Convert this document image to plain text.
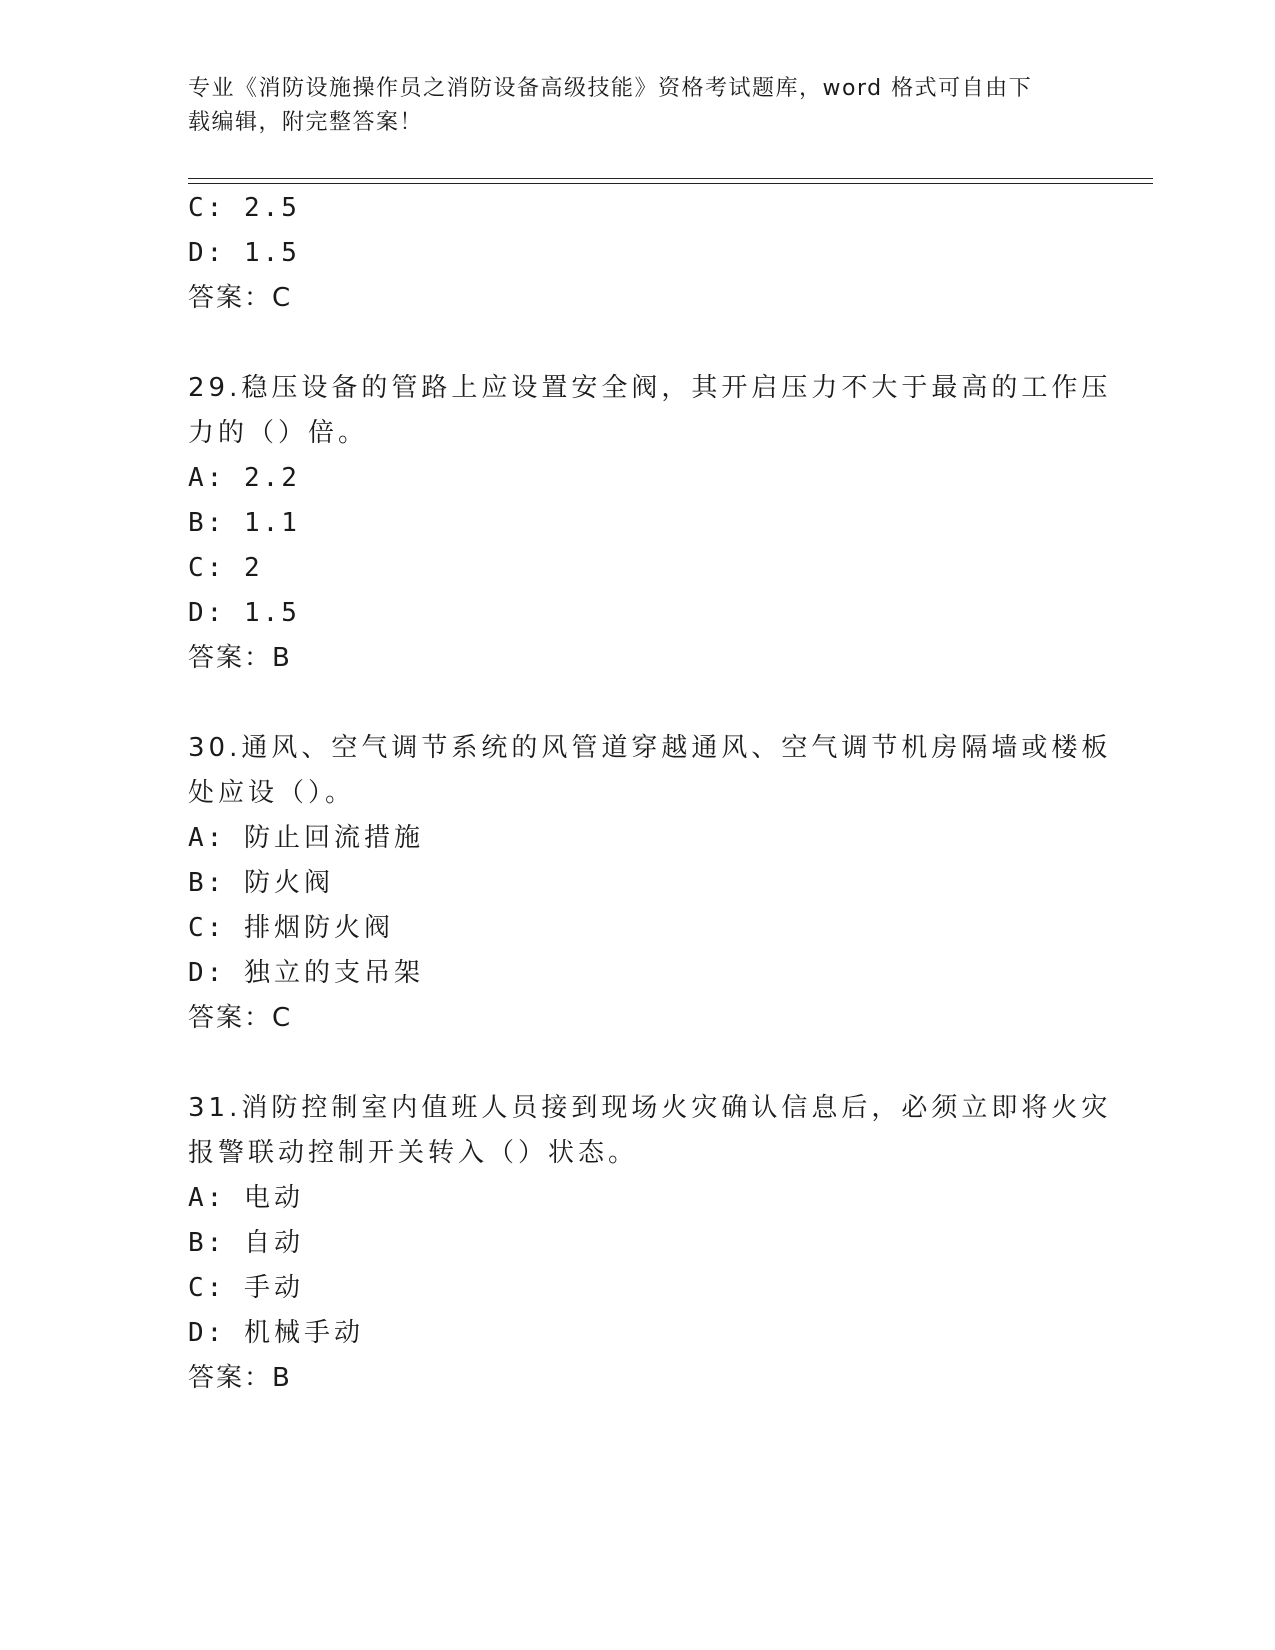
专业《消防设施操作员之消防设备高级技能》资格考试题库，word 格式可自由下
载编辑，附完整答案！
C: 2.5
D: 1.5
答案：C
29.稳压设备的管路上应设置安全阀，其开启压力不大于最高的工作压
力的（）倍。
A: 2.2
B: 1.1
C: 2
D: 1.5
答案：B
30.通风、空气调节系统的风管道穿越通风、空气调节机房隔墙或楼板
处应设（）。
A: 防止回流措施
B: 防火阀
C: 排烟防火阀
D: 独立的支吊架
答案：C
31.消防控制室内值班人员接到现场火灾确认信息后，必须立即将火灾
报警联动控制开关转入（）状态。
A: 电动
B: 自动
C: 手动
D: 机械手动
答案：B
